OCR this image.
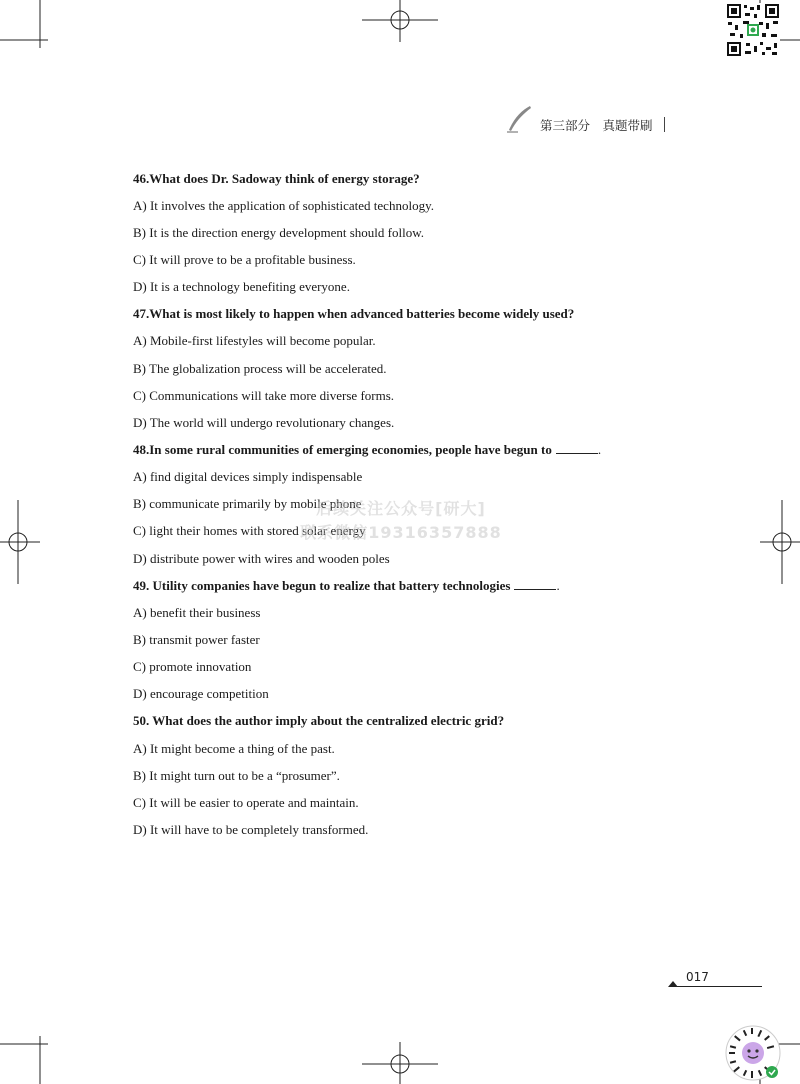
第三部分　真题带刷
46.What does Dr. Sadoway think of energy storage?
A) It involves the application of sophisticated technology.
B) It is the direction energy development should follow.
C) It will prove to be a profitable business.
D) It is a technology benefiting everyone.
47.What is most likely to happen when advanced batteries become widely used?
A) Mobile-first lifestyles will become popular.
B) The globalization process will be accelerated.
C) Communications will take more diverse forms.
D) The world will undergo revolutionary changes.
48.In some rural communities of emerging economies, people have begun to	.
A) find digital devices simply indispensable
B) communicate primarily by mobile phone
C) light their homes with stored solar energy
D) distribute power with wires and wooden poles
49. Utility companies have begun to realize that battery technologies	.
A) benefit their business
B) transmit power faster
C) promote innovation
D) encourage competition
50. What does the author imply about the centralized electric grid?
A) It might become a thing of the past.
B) It might turn out to be a “prosumer”.
C) It will be easier to operate and maintain.
D) It will have to be completely transformed.
后续关注公众号[研大]
联系微信19316357888
017
